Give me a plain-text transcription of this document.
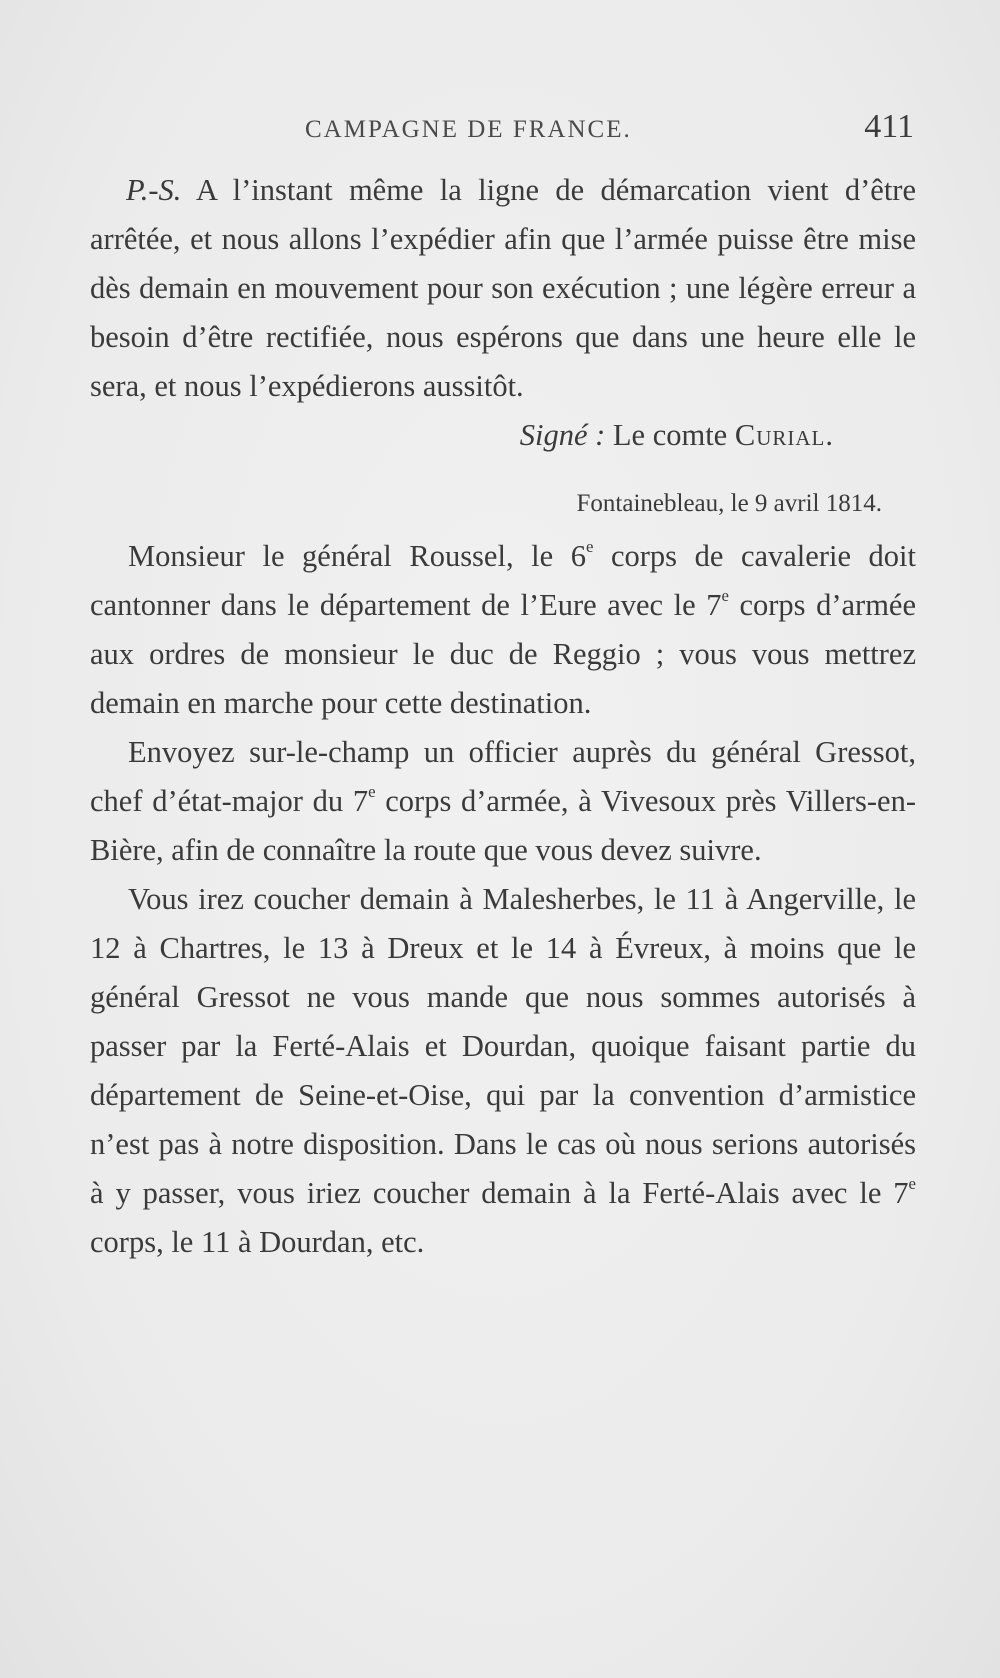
CAMPAGNE DE FRANCE.	411

P.-S. A l’instant même la ligne de démarcation vient d’être arrêtée, et nous allons l’expédier afin que l’armée puisse être mise dès demain en mouvement pour son exécution ; une légère erreur a besoin d’être rectifiée, nous espérons que dans une heure elle le sera, et nous l’expédierons aussitôt.

Signé : Le comte Curial.

Fontainebleau, le 9 avril 1814.

Monsieur le général Roussel, le 6e corps de cavalerie doit cantonner dans le département de l’Eure avec le 7e corps d’armée aux ordres de monsieur le duc de Reggio ; vous vous mettrez demain en marche pour cette destination.

Envoyez sur-le-champ un officier auprès du général Gressot, chef d’état-major du 7e corps d’armée, à Vivesoux près Villers-en-Bière, afin de connaître la route que vous devez suivre.

Vous irez coucher demain à Malesherbes, le 11 à Angerville, le 12 à Chartres, le 13 à Dreux et le 14 à Évreux, à moins que le général Gressot ne vous mande que nous sommes autorisés à passer par la Ferté-Alais et Dourdan, quoique faisant partie du département de Seine-et-Oise, qui par la convention d’armistice n’est pas à notre disposition. Dans le cas où nous serions autorisés à y passer, vous iriez coucher demain à la Ferté-Alais avec le 7e corps, le 11 à Dourdan, etc.
